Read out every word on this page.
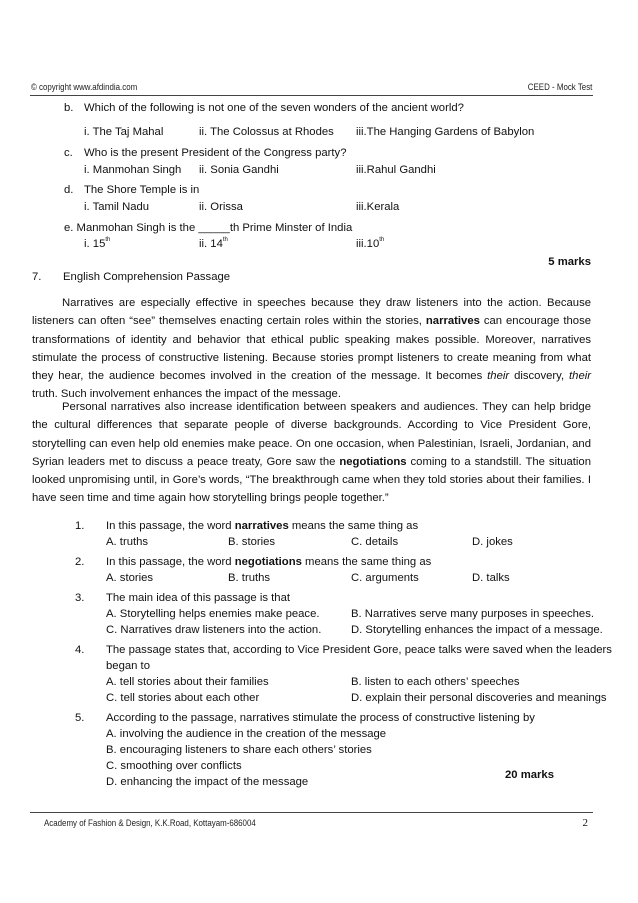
© copyright www.afdindia.com	CEED - Mock Test
b. Which of the following is not one of the seven wonders of the ancient world?
i. The Taj Mahal	ii. The Colossus at Rhodes iii.The Hanging Gardens of Babylon
c. Who is the present President of the Congress party?
i. Manmohan Singh ii. Sonia Gandhi	iii.Rahul Gandhi
d. The Shore Temple is in
i. Tamil Nadu	ii. Orissa	iii.Kerala
e. Manmohan Singh is the _____th Prime Minster of India
i. 15th	ii. 14th	iii.10th
5 marks
7. English Comprehension Passage

Narratives are especially effective in speeches because they draw listeners into the action. Because listeners can often “see” themselves enacting certain roles within the stories, narratives can encourage those transformations of identity and behavior that ethical public speaking makes possible. Moreover, narratives stimulate the process of constructive listening. Because stories prompt listeners to create meaning from what they hear, the audience becomes involved in the creation of the message. It becomes their discovery, their truth. Such involvement enhances the impact of the message.

Personal narratives also increase identification between speakers and audiences. They can help bridge the cultural differences that separate people of diverse backgrounds. According to Vice President Gore, storytelling can even help old enemies make peace. On one occasion, when Palestinian, Israeli, Jordanian, and Syrian leaders met to discuss a peace treaty, Gore saw the negotiations coming to a standstill. The situation looked unpromising until, in Gore’s words, “The breakthrough came when they told stories about their families. I have seen time and time again how storytelling brings people together.”

1. In this passage, the word narratives means the same thing as
A. truths	B. stories	C. details	D. jokes
2. In this passage, the word negotiations means the same thing as
A. stories	B. truths	C. arguments	D. talks
3. The main idea of this passage is that
A. Storytelling helps enemies make peace.	B. Narratives serve many purposes in speeches.
C. Narratives draw listeners into the action.	D. Storytelling enhances the impact of a message.
4. The passage states that, according to Vice President Gore, peace talks were saved when the leaders
began to
A. tell stories about their families	B. listen to each others’ speeches
C. tell stories about each other	D. explain their personal discoveries and meanings
5. According to the passage, narratives stimulate the process of constructive listening by
A. involving the audience in the creation of the message
B. encouraging listeners to share each others’ stories
C. smoothing over conflicts
D. enhancing the impact of the message
20 marks
Academy of Fashion & Design, K.K.Road, Kottayam-686004	2
